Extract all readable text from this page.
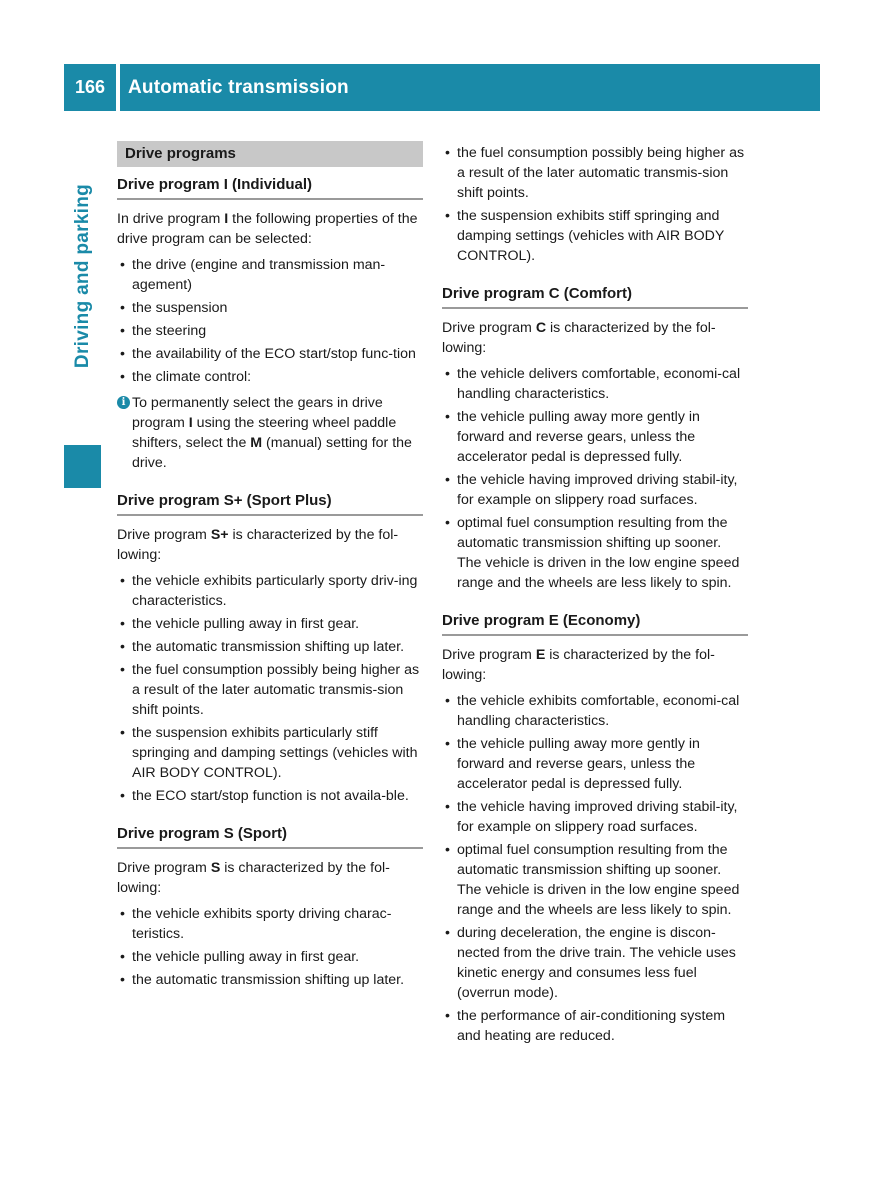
166	Automatic transmission
Driving and parking
Drive programs
Drive program I (Individual)

In drive program I the following properties of the drive program can be selected:

• the drive (engine and transmission man-agement)
• the suspension
• the steering
• the availability of the ECO start/stop func-tion
• the climate control:
i To permanently select the gears in drive program I using the steering wheel paddle shifters, select the M (manual) setting for the drive.
Drive program S+ (Sport Plus)

Drive program S+ is characterized by the fol-lowing:

• the vehicle exhibits particularly sporty driv-ing characteristics.
• the vehicle pulling away in first gear.
• the automatic transmission shifting up later.
• the fuel consumption possibly being higher as a result of the later automatic transmis-sion shift points.
• the suspension exhibits particularly stiff springing and damping settings (vehicles with AIR BODY CONTROL).
• the ECO start/stop function is not availa-ble.
Drive program S (Sport)

Drive program S is characterized by the fol-lowing:

• the vehicle exhibits sporty driving charac-teristics.
• the vehicle pulling away in first gear.
• the automatic transmission shifting up later.
• the fuel consumption possibly being higher as a result of the later automatic transmis-sion shift points.
• the suspension exhibits stiff springing and damping settings (vehicles with AIR BODY CONTROL).
Drive program C (Comfort)

Drive program C is characterized by the fol-lowing:

• the vehicle delivers comfortable, economi-cal handling characteristics.
• the vehicle pulling away more gently in forward and reverse gears, unless the accelerator pedal is depressed fully.
• the vehicle having improved driving stabil-ity, for example on slippery road surfaces.
• optimal fuel consumption resulting from the automatic transmission shifting up sooner. The vehicle is driven in the low engine speed range and the wheels are less likely to spin.
Drive program E (Economy)

Drive program E is characterized by the fol-lowing:

• the vehicle exhibits comfortable, economi-cal handling characteristics.
• the vehicle pulling away more gently in forward and reverse gears, unless the accelerator pedal is depressed fully.
• the vehicle having improved driving stabil-ity, for example on slippery road surfaces.
• optimal fuel consumption resulting from the automatic transmission shifting up sooner. The vehicle is driven in the low engine speed range and the wheels are less likely to spin.
• during deceleration, the engine is discon-nected from the drive train. The vehicle uses kinetic energy and consumes less fuel (overrun mode).
• the performance of air-conditioning system and heating are reduced.
